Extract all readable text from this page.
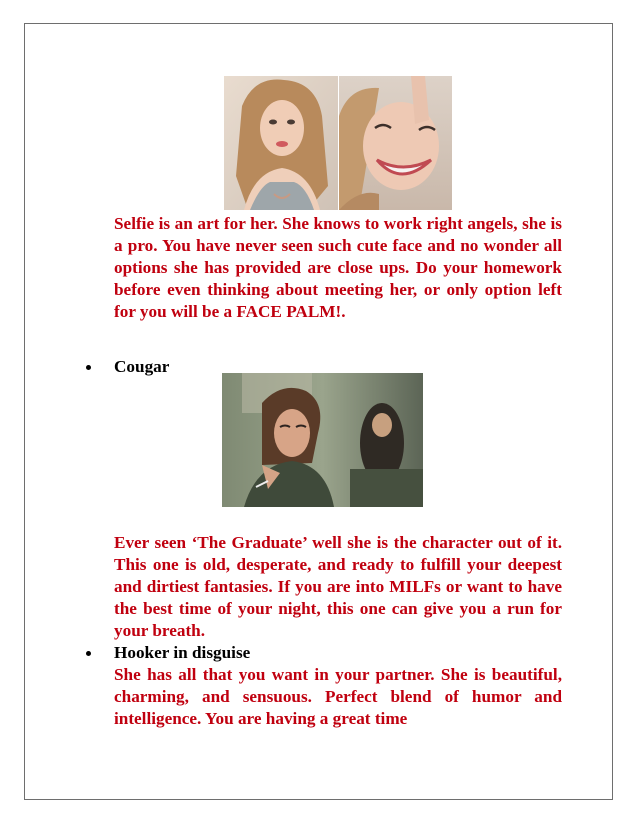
Selfie is an art for her. She knows to work right angels, she is a pro. You have never seen such cute face and no wonder all options she has provided are close ups. Do your homework before even thinking about meeting her, or only option left for you will be a FACE PALM!.

Cougar

Ever seen ‘The Graduate’ well she is the character out of it. This one is old, desperate, and ready to fulfill your deepest and dirtiest fantasies. If you are into MILFs or want to have the best time of your night, this one can give you a run for your breath.

Hooker in disguise

She has all that you want in your partner. She is beautiful, charming, and sensuous. Perfect blend of humor and intelligence. You are having a great time
